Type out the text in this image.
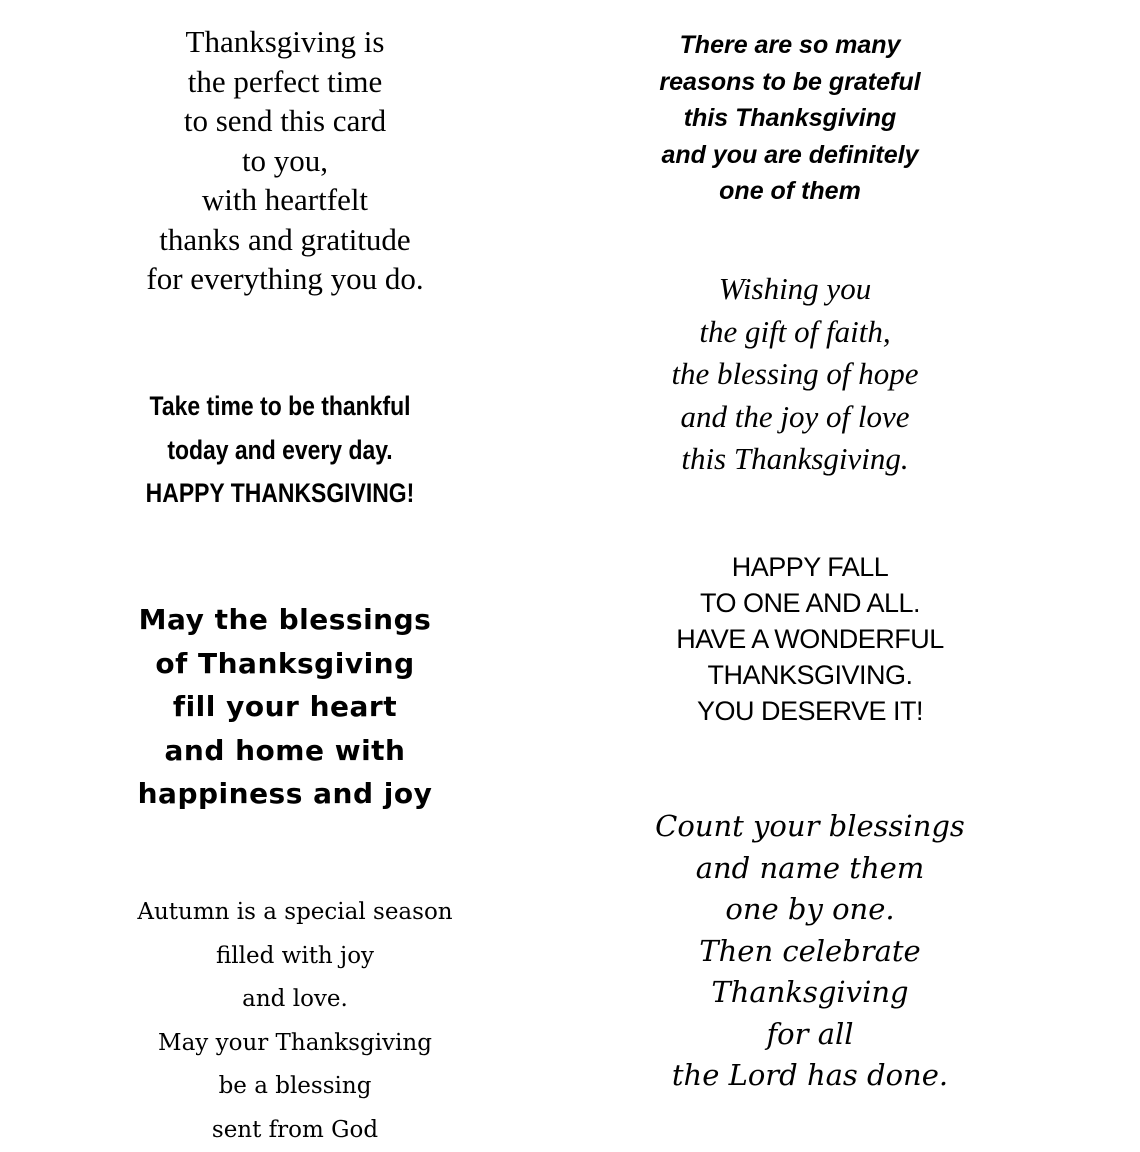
Thanksgiving is
the perfect time
to send this card
to you,
with heartfelt
thanks and gratitude
for everything you do.
Take time to be thankful
today and every day.
HAPPY THANKSGIVING!
May the blessings
of Thanksgiving
fill your heart
and home with
happiness and joy
Autumn is a special season
filled with joy
and love.
May your Thanksgiving
be a blessing
sent from God
There are so many
reasons to be grateful
this Thanksgiving
and you are definitely
one of them
Wishing you
the gift of faith,
the blessing of hope
and the joy of love
this Thanksgiving.
HAPPY FALL
TO ONE AND ALL.
HAVE A WONDERFUL
THANKSGIVING.
YOU DESERVE IT!
Count your blessings
and name them
one by one.
Then celebrate
Thanksgiving
for all
the Lord has done.
